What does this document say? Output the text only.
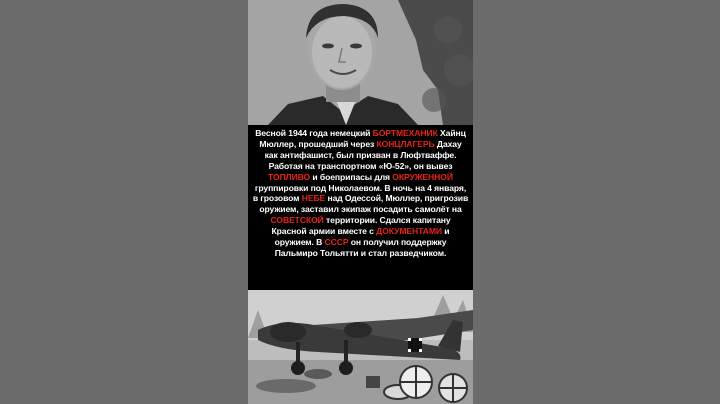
Весной 1944 года немецкий БОРТМЕХАНИК Хайнц Мюллер, прошедший через КОНЦЛАГЕРЬ Дахау как антифашист, был призван в Люфтваффе. Работая на транспортном «Ю-52», он вывез ТОПЛИВО и боеприпасы для ОКРУЖЕННОЙ группировки под Николаевом. В ночь на 4 января, в грозовом НЕБЕ над Одессой, Мюллер, пригрозив оружием, заставил экипаж посадить самолёт на СОВЕТСКОЙ территории. Сдался капитану Красной армии вместе с ДОКУМЕНТАМИ и оружием. В СССР он получил поддержку Пальмиро Тольятти и стал разведчиком.
